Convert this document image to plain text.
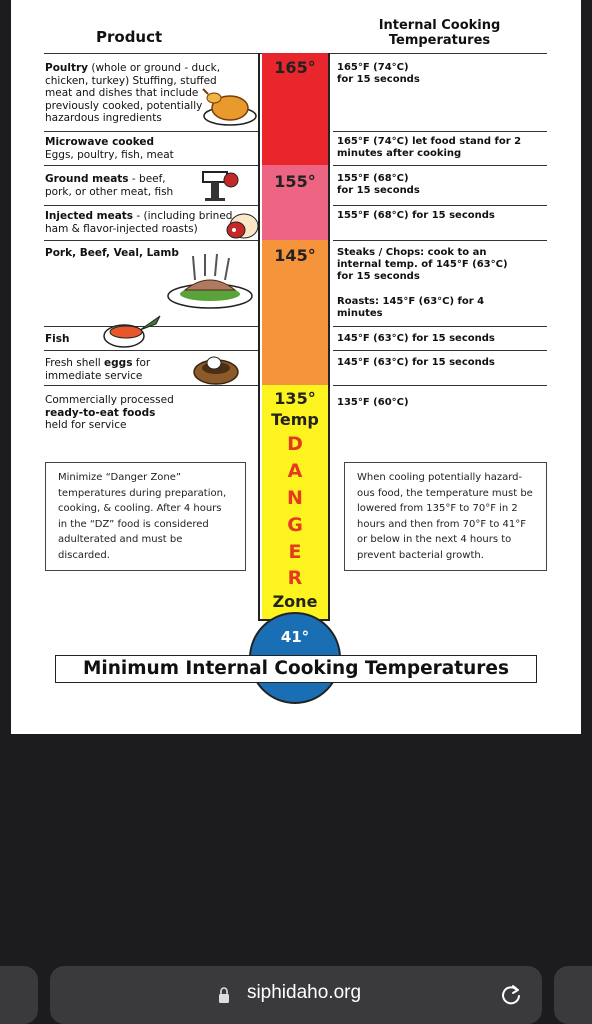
Product
Internal Cooking Temperatures
Poultry (whole or ground - duck, chicken, turkey) Stuffing, stuffed meat and dishes that include previously cooked, potentially hazardous ingredients
Microwave cooked
Eggs, poultry, fish, meat
Ground meats - beef, pork, or other meat, fish
Injected meats - (including brined ham & flavor-injected roasts)
Pork, Beef, Veal, Lamb
Fish
Fresh shell eggs for immediate service
Commercially processed
ready-to-eat foods
held for service
165°F (74°C)
for 15 seconds
165°F (74°C) let food stand for 2 minutes after cooking
155°F (68°C)
for 15 seconds
155°F (68°C) for 15 seconds
Steaks / Chops: cook to an internal temp. of 145°F (63°C) for 15 seconds
Roasts: 145°F (63°C) for 4 minutes
145°F (63°C) for 15 seconds
145°F (63°C) for 15 seconds
135°F (60°C)
165°
155°
145°
135°
Temp
D
A
N
G
E
R
Zone
41°
Minimize “Danger Zone” temperatures during preparation, cooking, & cooling. After 4 hours in the “DZ” food is considered adulterated and must be discarded.
When cooling potentially hazard-ous food, the temperature must be lowered from 135°F to 70°F in 2 hours and then from 70°F to 41°F or below in the next 4 hours to prevent bacterial growth.
Minimum Internal Cooking Temperatures
siphidaho.org
